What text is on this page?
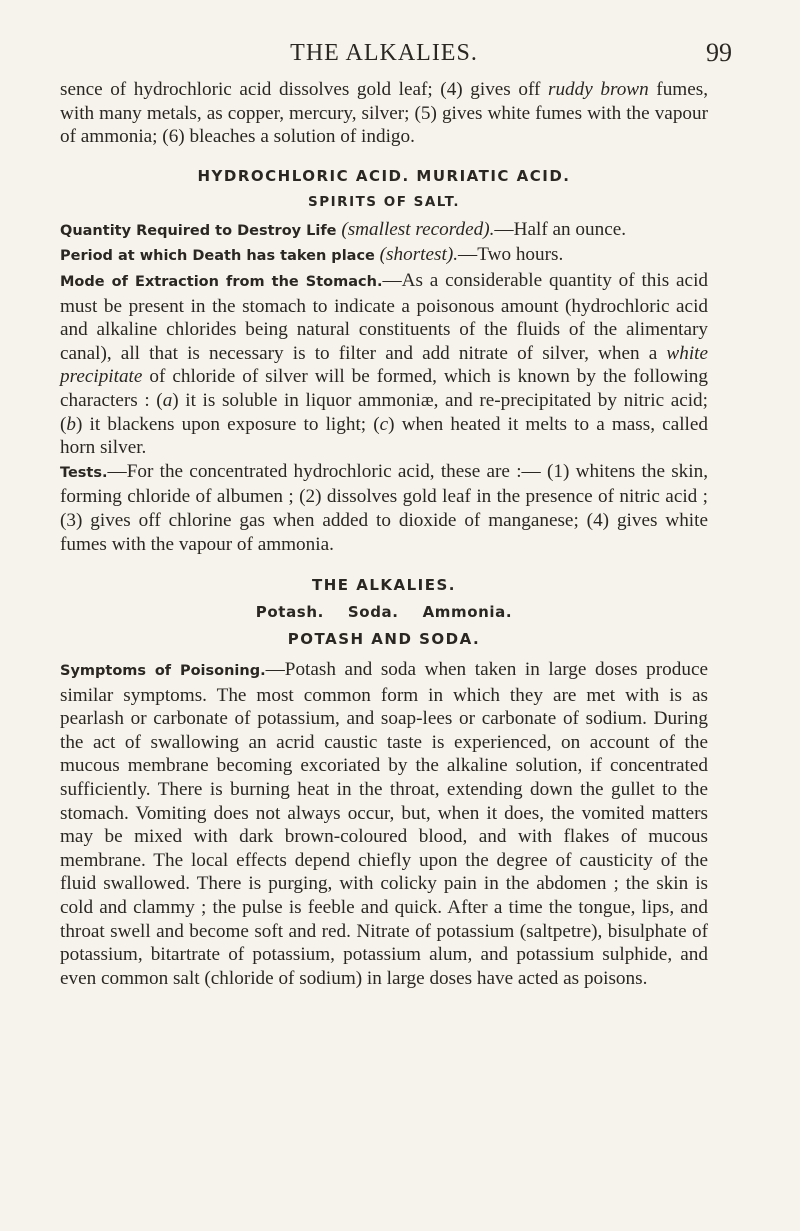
THE ALKALIES.	99

sence of hydrochloric acid dissolves gold leaf; (4) gives off ruddy brown fumes, with many metals, as copper, mercury, silver; (5) gives white fumes with the vapour of ammonia; (6) bleaches a solution of indigo.

HYDROCHLORIC ACID. MURIATIC ACID.
SPIRITS OF SALT.

Quantity Required to Destroy Life (smallest recorded).—Half an ounce.

Period at which Death has taken place (shortest).—Two hours.

Mode of Extraction from the Stomach.—As a considerable quantity of this acid must be present in the stomach to indicate a poisonous amount (hydrochloric acid and alkaline chlorides being natural constituents of the fluids of the alimentary canal), all that is necessary is to filter and add nitrate of silver, when a white precipitate of chloride of silver will be formed, which is known by the following characters : (a) it is soluble in liquor ammoniæ, and re-precipitated by nitric acid; (b) it blackens upon exposure to light; (c) when heated it melts to a mass, called horn silver.

Tests.—For the concentrated hydrochloric acid, these are :— (1) whitens the skin, forming chloride of albumen ; (2) dissolves gold leaf in the presence of nitric acid ; (3) gives off chlorine gas when added to dioxide of manganese; (4) gives white fumes with the vapour of ammonia.

THE ALKALIES.
Potash. Soda. Ammonia.
POTASH AND SODA.

Symptoms of Poisoning.—Potash and soda when taken in large doses produce similar symptoms. The most common form in which they are met with is as pearlash or carbonate of potassium, and soap-lees or carbonate of sodium. During the act of swallowing an acrid caustic taste is experienced, on account of the mucous membrane becoming excoriated by the alkaline solution, if concentrated sufficiently. There is burning heat in the throat, extending down the gullet to the stomach. Vomiting does not always occur, but, when it does, the vomited matters may be mixed with dark brown-coloured blood, and with flakes of mucous membrane. The local effects depend chiefly upon the degree of causticity of the fluid swallowed. There is purging, with colicky pain in the abdomen ; the skin is cold and clammy ; the pulse is feeble and quick. After a time the tongue, lips, and throat swell and become soft and red. Nitrate of potassium (saltpetre), bisulphate of potassium, bitartrate of potassium, potassium alum, and potassium sulphide, and even common salt (chloride of sodium) in large doses have acted as poisons.
